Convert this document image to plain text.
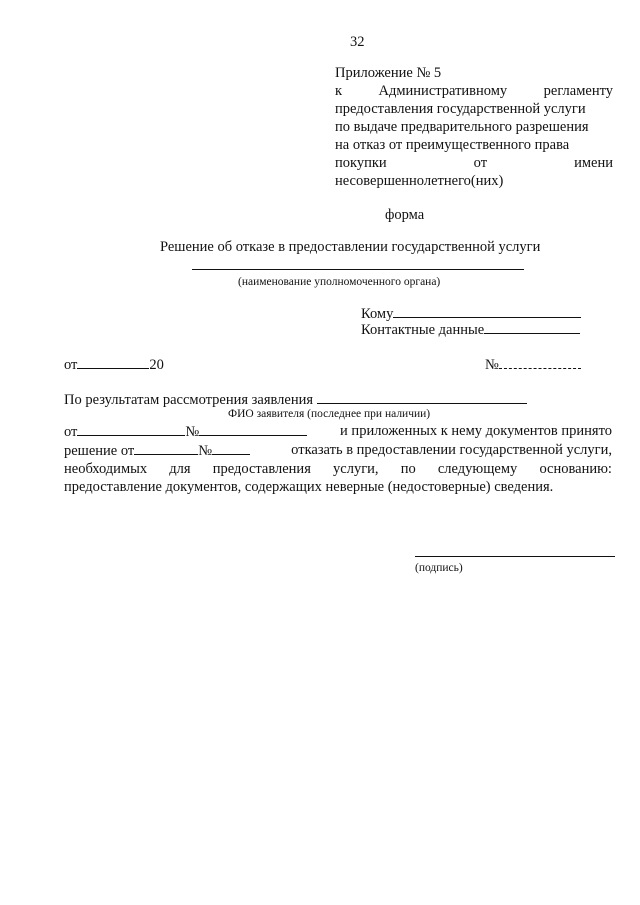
32
Приложение № 5
к	Административному	регламенту
предоставления государственной услуги
по выдаче предварительного разрешения
на отказ от преимущественного права
покупки	от	имени
несовершеннолетнего(них)
форма
Решение об отказе в предоставлении государственной услуги
(наименование уполномоченного органа)
Кому
Контактные данные
от	20	№
По результатам рассмотрения заявления
ФИО заявителя (последнее при наличии)
от	№	и приложенных к нему документов принято
решение от	№	отказать в предоставлении государственной услуги,
необходимых для предоставления услуги, по следующему основанию:
предоставление документов, содержащих неверные (недостоверные) сведения.
(подпись)
